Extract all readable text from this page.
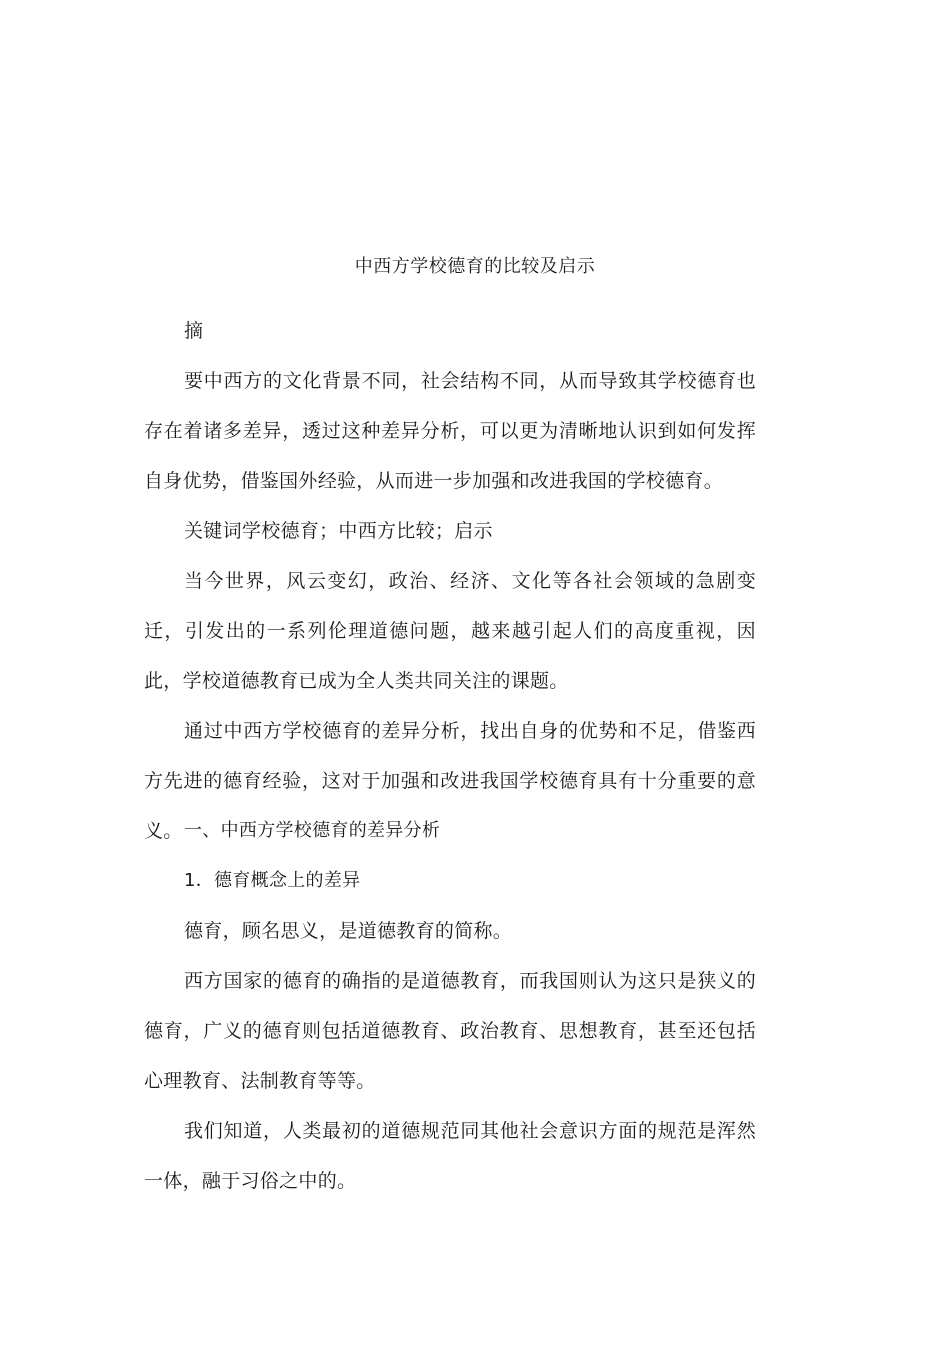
中西方学校德育的比较及启示

摘

要中西方的文化背景不同，社会结构不同，从而导致其学校德育也存在着诸多差异，透过这种差异分析，可以更为清晰地认识到如何发挥自身优势，借鉴国外经验，从而进一步加强和改进我国的学校德育。

关键词学校德育；中西方比较；启示

当今世界，风云变幻，政治、经济、文化等各社会领域的急剧变迁，引发出的一系列伦理道德问题，越来越引起人们的高度重视，因此，学校道德教育已成为全人类共同关注的课题。

通过中西方学校德育的差异分析，找出自身的优势和不足，借鉴西方先进的德育经验，这对于加强和改进我国学校德育具有十分重要的意义。 一、中西方学校德育的差异分析

1．德育概念上的差异

德育，顾名思义，是道德教育的简称。

西方国家的德育的确指的是道德教育，而我国则认为这只是狭义的德育，广义的德育则包括道德教育、政治教育、思想教育，甚至还包括心理教育、法制教育等等。

我们知道，人类最初的道德规范同其他社会意识方面的规范是浑然一体，融于习俗之中的。
